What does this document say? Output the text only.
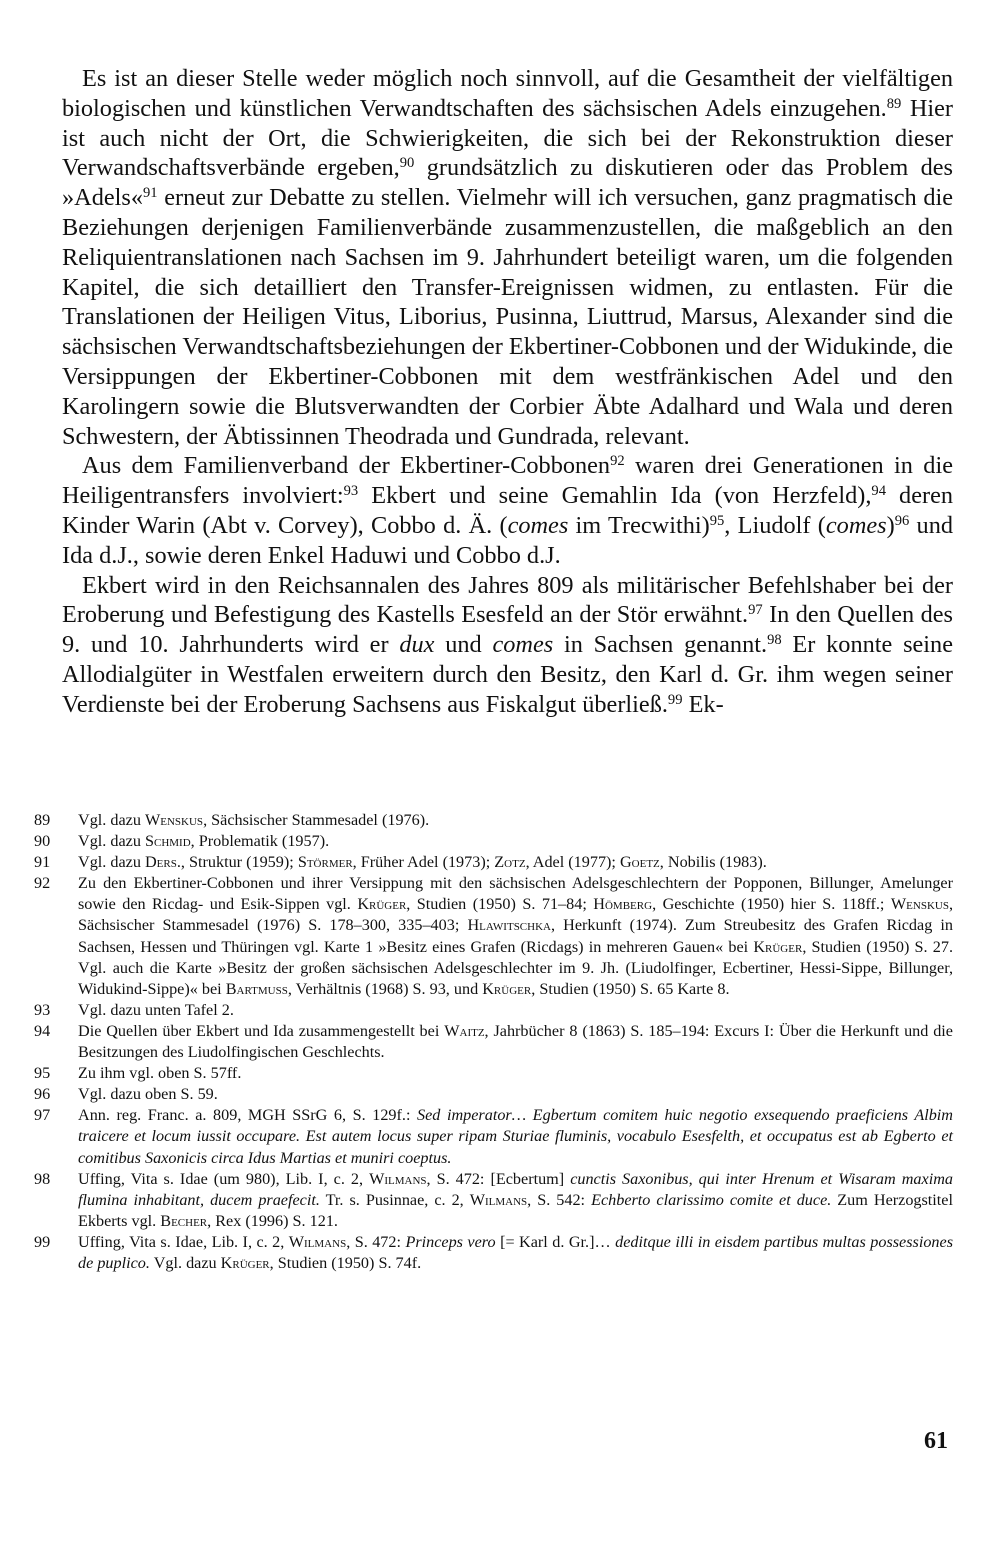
Es ist an dieser Stelle weder möglich noch sinnvoll, auf die Gesamtheit der vielfältigen biologischen und künstlichen Verwandtschaften des sächsischen Adels einzugehen.$^{89}$ Hier ist auch nicht der Ort, die Schwierigkeiten, die sich bei der Rekonstruktion dieser Verwandschaftsverbände ergeben,$^{90}$ grundsätzlich zu diskutieren oder das Problem des »Adels«$^{91}$ erneut zur Debatte zu stellen. Vielmehr will ich versuchen, ganz pragmatisch die Beziehungen derjenigen Familienverbände zusammenzustellen, die maßgeblich an den Reliquientranslationen nach Sachsen im 9. Jahrhundert beteiligt waren, um die folgenden Kapitel, die sich detailliert den Transfer-Ereignissen widmen, zu entlasten. Für die Translationen der Heiligen Vitus, Liborius, Pusinna, Liuttrud, Marsus, Alexander sind die sächsischen Verwandtschaftsbeziehungen der Ekbertiner-Cobbonen und der Widukinde, die Versippungen der Ekbertiner-Cobbonen mit dem westfränkischen Adel und den Karolingern sowie die Blutsverwandten der Corbier Äbte Adalhard und Wala und deren Schwestern, der Äbtissinnen Theodrada und Gundrada, relevant.

Aus dem Familienverband der Ekbertiner-Cobbonen$^{92}$ waren drei Generationen in die Heiligentransfers involviert:$^{93}$ Ekbert und seine Gemahlin Ida (von Herzfeld),$^{94}$ deren Kinder Warin (Abt v. Corvey), Cobbo d. Ä. (comes im Trecwithi)$^{95}$, Liudolf (comes)$^{96}$ und Ida d.J., sowie deren Enkel Haduwi und Cobbo d.J.

Ekbert wird in den Reichsannalen des Jahres 809 als militärischer Befehlshaber bei der Eroberung und Befestigung des Kastells Esesfeld an der Stör erwähnt.$^{97}$ In den Quellen des 9. und 10. Jahrhunderts wird er dux und comes in Sachsen genannt.$^{98}$ Er konnte seine Allodialgüter in Westfalen erweitern durch den Besitz, den Karl d. Gr. ihm wegen seiner Verdienste bei der Eroberung Sachsens aus Fiskalgut überließ.$^{99}$ Ek-

89	Vgl. dazu Wenskus, Sächsischer Stammesadel (1976).
90	Vgl. dazu Schmid, Problematik (1957).
91	Vgl. dazu Ders., Struktur (1959); Störmer, Früher Adel (1973); Zotz, Adel (1977); Goetz, Nobilis (1983).
92	Zu den Ekbertiner-Cobbonen und ihrer Versippung mit den sächsischen Adelsgeschlechtern der Popponen, Billunger, Amelunger sowie den Ricdag- und Esik-Sippen vgl. Krüger, Studien (1950) S. 71–84; Hömberg, Geschichte (1950) hier S. 118ff.; Wenskus, Sächsischer Stammesadel (1976) S. 178–300, 335–403; Hlawitschka, Herkunft (1974). Zum Streubesitz des Grafen Ricdag in Sachsen, Hessen und Thüringen vgl. Karte 1 »Besitz eines Grafen (Ricdags) in mehreren Gauen« bei Krüger, Studien (1950) S. 27. Vgl. auch die Karte »Besitz der großen sächsischen Adelsgeschlechter im 9. Jh. (Liudolfinger, Ecbertiner, Hessi-Sippe, Billunger, Widukind-Sippe)« bei Bartmuss, Verhältnis (1968) S. 93, und Krüger, Studien (1950) S. 65 Karte 8.
93	Vgl. dazu unten Tafel 2.
94	Die Quellen über Ekbert und Ida zusammengestellt bei Waitz, Jahrbücher 8 (1863) S. 185–194: Excurs I: Über die Herkunft und die Besitzungen des Liudolfingischen Geschlechts.
95	Zu ihm vgl. oben S. 57ff.
96	Vgl. dazu oben S. 59.
97	Ann. reg. Franc. a. 809, MGH SSrG 6, S. 129f.: Sed imperator… Egbertum comitem huic negotio exsequendo praeficiens Albim traicere et locum iussit occupare. Est autem locus super ripam Sturiae fluminis, vocabulo Esesfelth, et occupatus est ab Egberto et comitibus Saxonicis circa Idus Martias et muniri coeptus.
98	Uffing, Vita s. Idae (um 980), Lib. I, c. 2, Wilmans, S. 472: [Ecbertum] cunctis Saxonibus, qui inter Hrenum et Wisaram maxima flumina inhabitant, ducem praefecit. Tr. s. Pusinnae, c. 2, Wilmans, S. 542: Echberto clarissimo comite et duce. Zum Herzogstitel Ekberts vgl. Becher, Rex (1996) S. 121.
99	Uffing, Vita s. Idae, Lib. I, c. 2, Wilmans, S. 472: Princeps vero [= Karl d. Gr.]… deditque illi in eisdem partibus multas possessiones de puplico. Vgl. dazu Krüger, Studien (1950) S. 74f.
61
